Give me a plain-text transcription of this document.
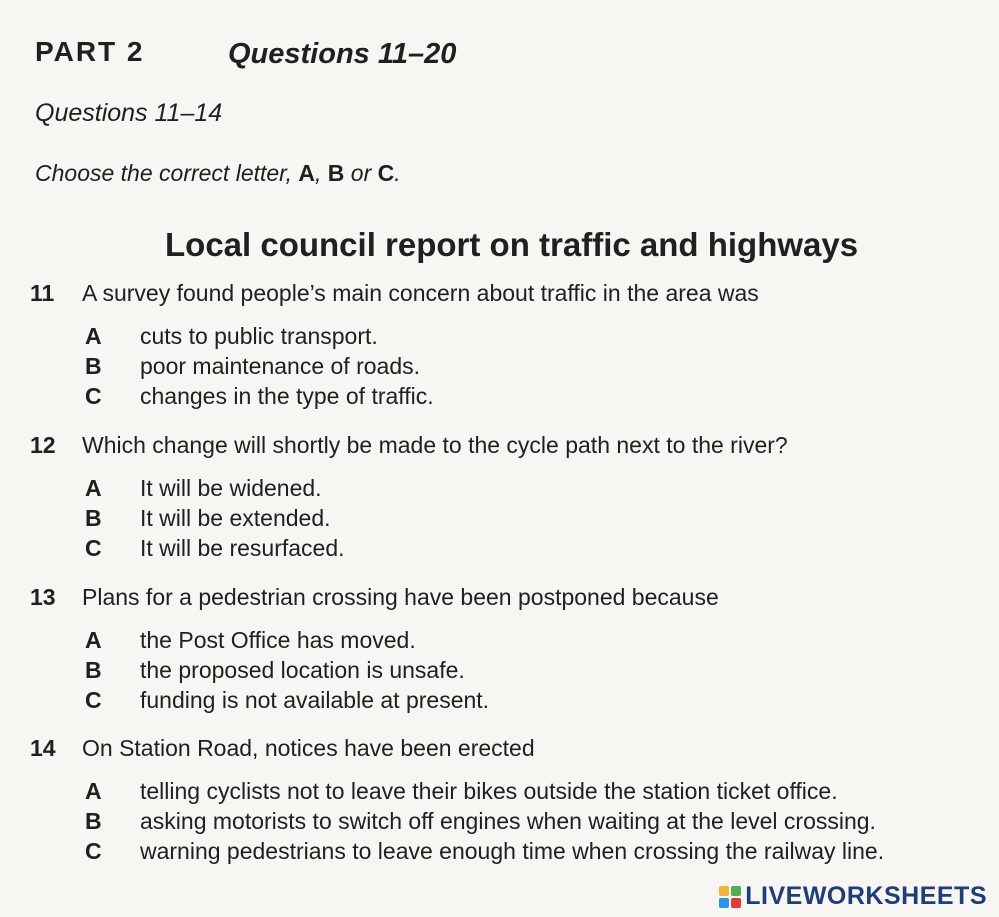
PART 2	Questions 11–20
Questions 11–14
Choose the correct letter, A, B or C.
Local council report on traffic and highways
11	A survey found people’s main concern about traffic in the area was
A	cuts to public transport.
B	poor maintenance of roads.
C	changes in the type of traffic.
12	Which change will shortly be made to the cycle path next to the river?
A	It will be widened.
B	It will be extended.
C	It will be resurfaced.
13	Plans for a pedestrian crossing have been postponed because
A	the Post Office has moved.
B	the proposed location is unsafe.
C	funding is not available at present.
14	On Station Road, notices have been erected
A	telling cyclists not to leave their bikes outside the station ticket office.
B	asking motorists to switch off engines when waiting at the level crossing.
C	warning pedestrians to leave enough time when crossing the railway line.
LIVEWORKSHEETS
